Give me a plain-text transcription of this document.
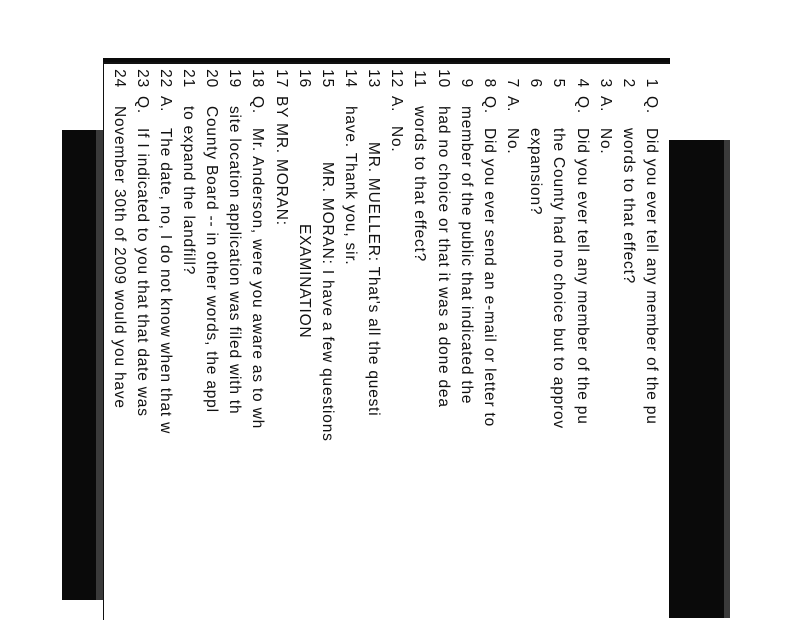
1
Q.
Did you ever tell any member of the pu
2
words to that effect?
3
A.
No.
4
Q.
Did you ever tell any member of the pu
5
the County had no choice but to approv
6
expansion?
7
A.
No.
8
Q.
Did you ever send an e-mail or letter to
9
member of the public that indicated the
10
had no choice or that it was a done dea
11
words to that effect?
12
A.
No.
13
MR. MUELLER: That's all the questi
14
have. Thank you, sir.
15
MR. MORAN: I have a few questions
16
EXAMINATION
17
BY MR. MORAN:
18
Q.
Mr. Anderson, were you aware as to wh
19
site location application was filed with th
20
County Board -- in other words, the appl
21
to expand the landfill?
22
A.
The date, no, I do not know when that w
23
Q.
If I indicated to you that that date was
24
November 30th of 2009 would you have
